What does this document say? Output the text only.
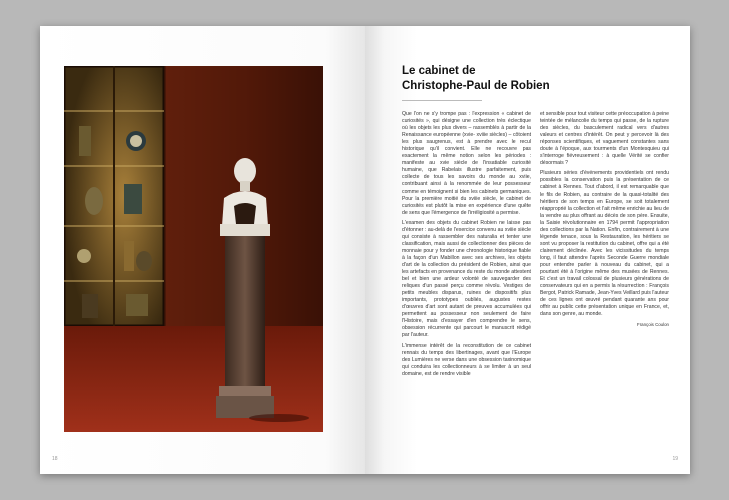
18
Le cabinet de
Christophe-Paul de Robien

Que l'on ne s'y trompe pas : l'expression « cabinet de curiosités », qui désigne une collection très éclectique où les objets les plus divers – rassemblés à partir de la Renaissance européenne (xvie- xviiie siècles) – côtoient les plus saugrenus, est à prendre avec le recul historique qu'il convient. Elle ne recouvre pas exactement la même notion selon les périodes : manifeste au xvie siècle de l'insatiable curiosité humaine, que Rabelais illustre parfaitement, puis collecte de tous les savoirs du monde au xviie, contribuant ainsi à la renommée de leur possesseur comme en témoignent si bien les cabinets germaniques. Pour la première moitié du xviiie siècle, le cabinet de curiosités est plutôt la mise en expérience d'une quête de sens que l'émergence de l'irréligiosité a permise.

L'examen des objets du cabinet Robien ne laisse pas d'étonner : au-delà de l'exercice convenu au xviiie siècle qui consiste à rassembler des naturalia et tenter une classification, mais aussi de collectionner des pièces de monnaie pour y fonder une chronologie historique fiable à la façon d'un Mabillon avec ses archives, les objets d'art de la collection du président de Robien, ainsi que les artefacts en provenance du reste du monde attestent bel et bien une ardeur volonté de sauvegarder des reliques d'un passé perçu comme révolu. Vestiges de petits meubles disparus, ruines de dispositifs plus importants, prototypes oubliés, augustes restes d'œuvres d'art sont autant de preuves accumulées qui permettent au possesseur non seulement de faire l'Histoire, mais d'essayer d'en comprendre le sens, obsession récurrente qui parcourt le manuscrit rédigé par l'auteur.

L'immense intérêt de la reconstitution de ce cabinet rennais du temps des libertinages, avant que l'Europe des Lumières ne verse dans une obsession taxinomique qui conduira les collectionneurs à se limiter à un seul domaine, est de rendre visible

et sensible pour tout visiteur cette préoccupation à peine teintée de mélancolie du temps qui passe, de la rupture des siècles, du basculement radical vers d'autres valeurs et centres d'intérêt. On peut y percevoir là des réponses scientifiques, et vaguement constantes sans doute à l'époque, aux tourments d'un Montesquieu qui s'interroge fiévreusement : à quelle Vérité se confier désormais ?

Plusieurs séries d'événements providentiels ont rendu possibles la conservation puis la présentation de ce cabinet à Rennes. Tout d'abord, il est remarquable que le fils de Robien, au contraire de la quasi-totalité des héritiers de son temps en Europe, se soit totalement réapproprié la collection et l'ait même enrichie au lieu de la vendre au plus offrant au décès de son père. Ensuite, la Saisie révolutionnaire en 1794 permit l'appropriation des collections par la Nation. Enfin, contrairement à une légende tenace, sous la Restauration, les héritiers se sont vu proposer la restitution du cabinet, offre qui a été clairement déclinée. Avec les vicissitudes du temps long, il faut attendre l'après Seconde Guerre mondiale pour entendre parler à nouveau du cabinet, qui a pourtant été à l'origine même des musées de Rennes. Et c'est un travail colossal de plusieurs générations de conservateurs qui en a permis la résurrection : François Bergot, Patrick Ramade, Jean-Yves Veillard puis l'auteur de ces lignes ont œuvré pendant quarante ans pour offrir au public cette présentation unique en France, et, dans son genre, au monde.

François Coulon
19
